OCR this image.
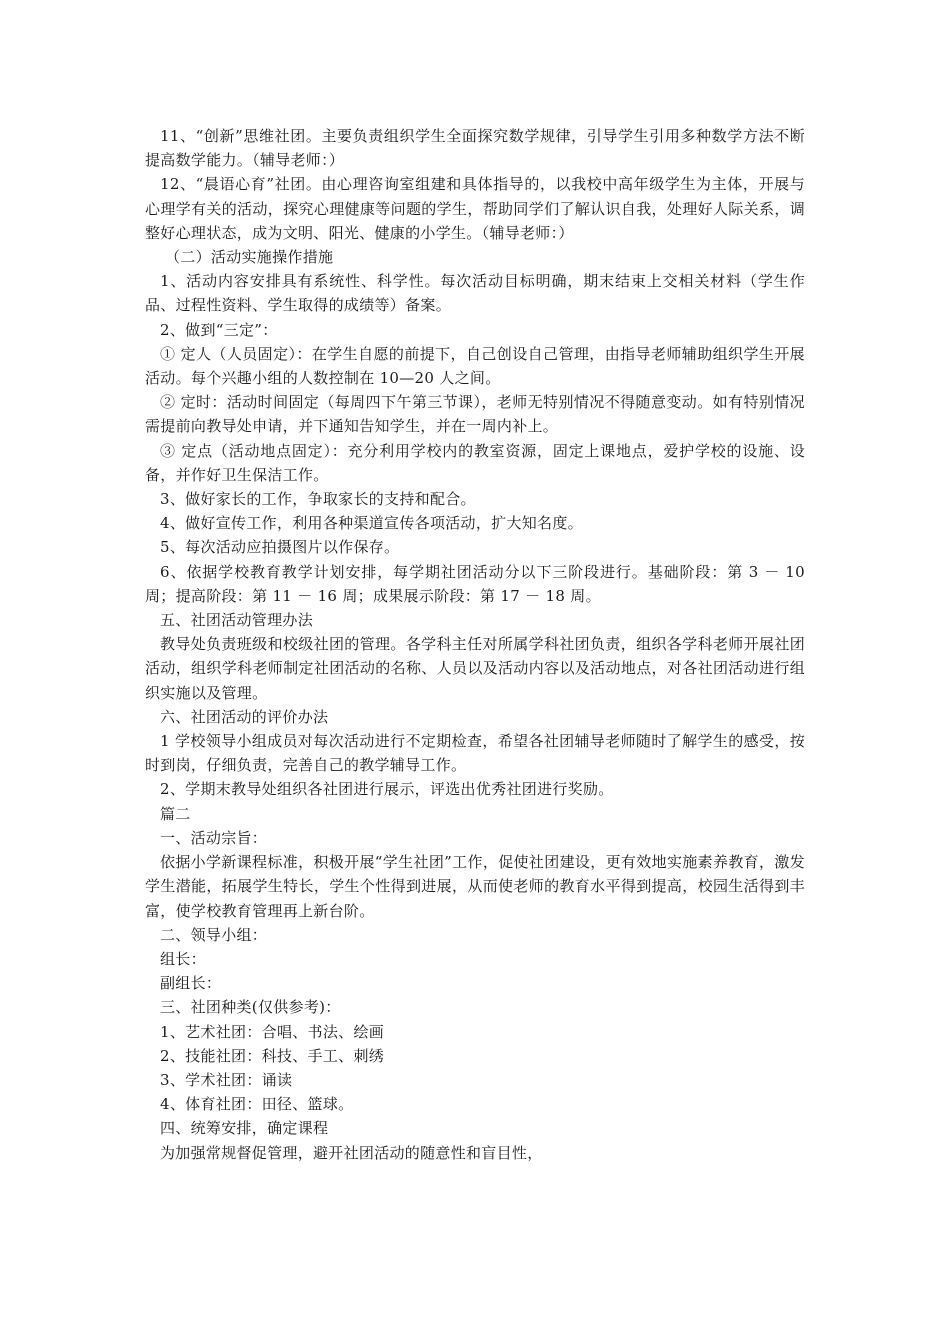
11、“创新”思维社团。主要负责组织学生全面探究数学规律，引导学生引用多种数学方法不断提高数学能力。（辅导老师：）

12、“晨语心育”社团。由心理咨询室组建和具体指导的，以我校中高年级学生为主体，开展与心理学有关的活动，探究心理健康等问题的学生，帮助同学们了解认识自我，处理好人际关系，调整好心理状态，成为文明、阳光、健康的小学生。（辅导老师：）

（二）活动实施操作措施

1、活动内容安排具有系统性、科学性。每次活动目标明确，期末结束上交相关材料（学生作品、过程性资料、学生取得的成绩等）备案。

2、做到“三定”：

① 定人（人员固定）：在学生自愿的前提下，自己创设自己管理，由指导老师辅助组织学生开展活动。每个兴趣小组的人数控制在 10—20 人之间。

② 定时：活动时间固定（每周四下午第三节课），老师无特别情况不得随意变动。如有特别情况需提前向教导处申请，并下通知告知学生，并在一周内补上。

③ 定点（活动地点固定）：充分利用学校内的教室资源，固定上课地点，爱护学校的设施、设备，并作好卫生保洁工作。

3、做好家长的工作，争取家长的支持和配合。

4、做好宣传工作，利用各种渠道宣传各项活动，扩大知名度。

5、每次活动应拍摄图片以作保存。

6、依据学校教育教学计划安排，每学期社团活动分以下三阶段进行。基础阶段：第 3 － 10 周；提高阶段：第 11 － 16 周；成果展示阶段：第 17 － 18 周。

五、社团活动管理办法

教导处负责班级和校级社团的管理。各学科主任对所属学科社团负责，组织各学科老师开展社团活动，组织学科老师制定社团活动的名称、人员以及活动内容以及活动地点，对各社团活动进行组织实施以及管理。

六、社团活动的评价办法

1 学校领导小组成员对每次活动进行不定期检查，希望各社团辅导老师随时了解学生的感受，按时到岗，仔细负责，完善自己的教学辅导工作。

2、学期末教导处组织各社团进行展示，评选出优秀社团进行奖励。

篇二

一、活动宗旨：

依据小学新课程标准，积极开展“学生社团”工作，促使社团建设，更有效地实施素养教育，激发学生潜能，拓展学生特长，学生个性得到进展，从而使老师的教育水平得到提高，校园生活得到丰富，使学校教育管理再上新台阶。

二、领导小组：

组长：

副组长：

三、社团种类(仅供参考)：

1、艺术社团：合唱、书法、绘画

2、技能社团：科技、手工、刺绣

3、学术社团：诵读

4、体育社团：田径、篮球。

四、统筹安排，确定课程

为加强常规督促管理，避开社团活动的随意性和盲目性，
